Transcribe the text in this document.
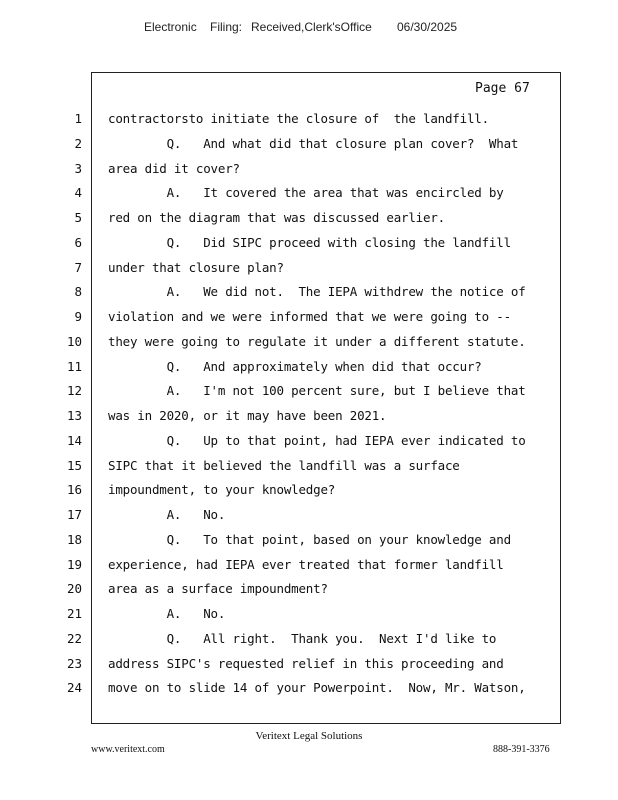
Electronic Filing: Received,Clerk'sOffice 06/30/2025
Page 67
1 contractorsto initiate the closure of  the landfill.
2 Q.   And what did that closure plan cover?  What
3 area did it cover?
4 A.   It covered the area that was encircled by
5 red on the diagram that was discussed earlier.
6 Q.   Did SIPC proceed with closing the landfill
7 under that closure plan?
8 A.   We did not.  The IEPA withdrew the notice of
9 violation and we were informed that we were going to --
10 they were going to regulate it under a different statute.
11 Q.   And approximately when did that occur?
12 A.   I'm not 100 percent sure, but I believe that
13 was in 2020, or it may have been 2021.
14 Q.   Up to that point, had IEPA ever indicated to
15 SIPC that it believed the landfill was a surface
16 impoundment, to your knowledge?
17 A.   No.
18 Q.   To that point, based on your knowledge and
19 experience, had IEPA ever treated that former landfill
20 area as a surface impoundment?
21 A.   No.
22 Q.   All right.  Thank you.  Next I'd like to
23 address SIPC's requested relief in this proceeding and
24 move on to slide 14 of your Powerpoint.  Now, Mr. Watson,
Veritext Legal Solutions
www.veritext.com	888-391-3376
